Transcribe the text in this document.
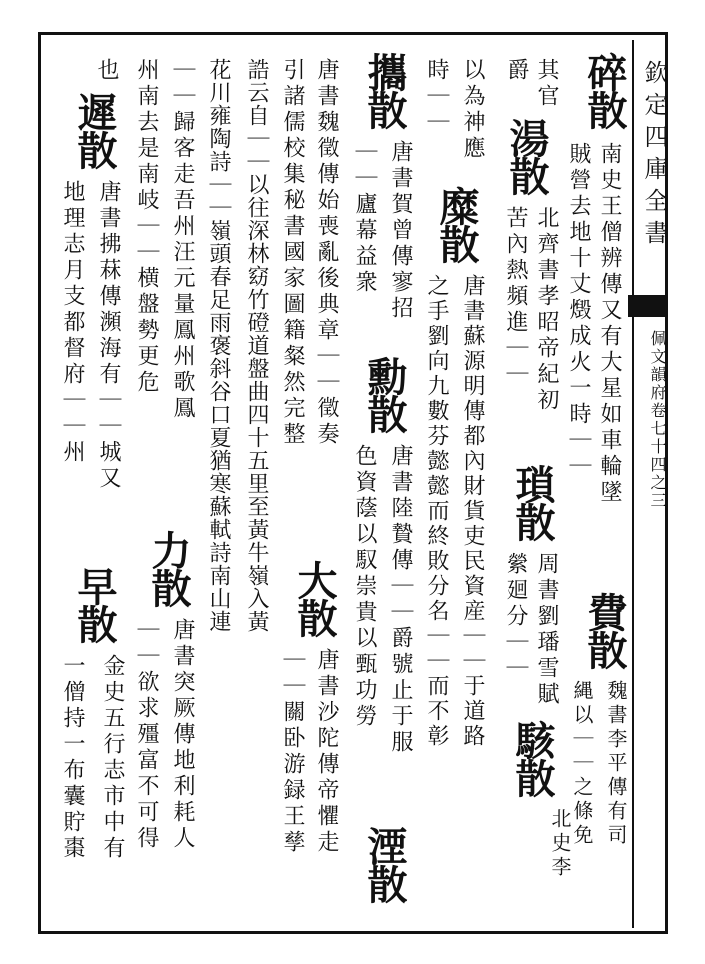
欽定四庫全書
佩文韻府卷七十四之三
碎散
南史王僧辨傳又有大星如車輪墜
賊營去地十丈燬成火一時｜｜
費散
魏書李平傳有司
縄以｜｜之條免
其官
爵
湯散
北齊書孝昭帝紀初
苦內熱頻進｜｜
瑣散
周書劉璠雪賦
縈廻分｜｜
駭散
北史李
以為神應
糜散
唐書蘇源明傳都內財貨吏民資産｜｜于道路
時｜｜
之手劉向九數芬懿懿而終敗分名｜｜而不彰
攜散
唐書賀曾傳寥招
｜｜廬幕益衆
勳散
唐書陸贄傳｜｜爵號止于服
色資蔭以馭崇貴以甄功勞
湮散
唐書魏徵傳始喪亂後典章｜｜徵奏
引諸儒校集秘書國家圖籍粲然完整
大散
唐書沙陀傳帝懼走
｜｜關卧游録王孳
誥云自｜｜以往深林窈竹磴道盤曲四十五里至黃牛嶺入黃
花川雍陶詩｜｜嶺頭春足雨褒斜谷口夏猶寒蘇軾詩南山連
｜｜歸客走吾州汪元量鳳州歌鳳
州南去是南岐｜｜横盤勢更危
力散
唐書突厥傳地利耗人
｜｜欲求殭富不可得
也
遲散
唐書拂菻傳瀕海有｜｜城又
地理志月支都督府｜｜州
早散
金史五行志市中有
一僧持一布囊貯棗
